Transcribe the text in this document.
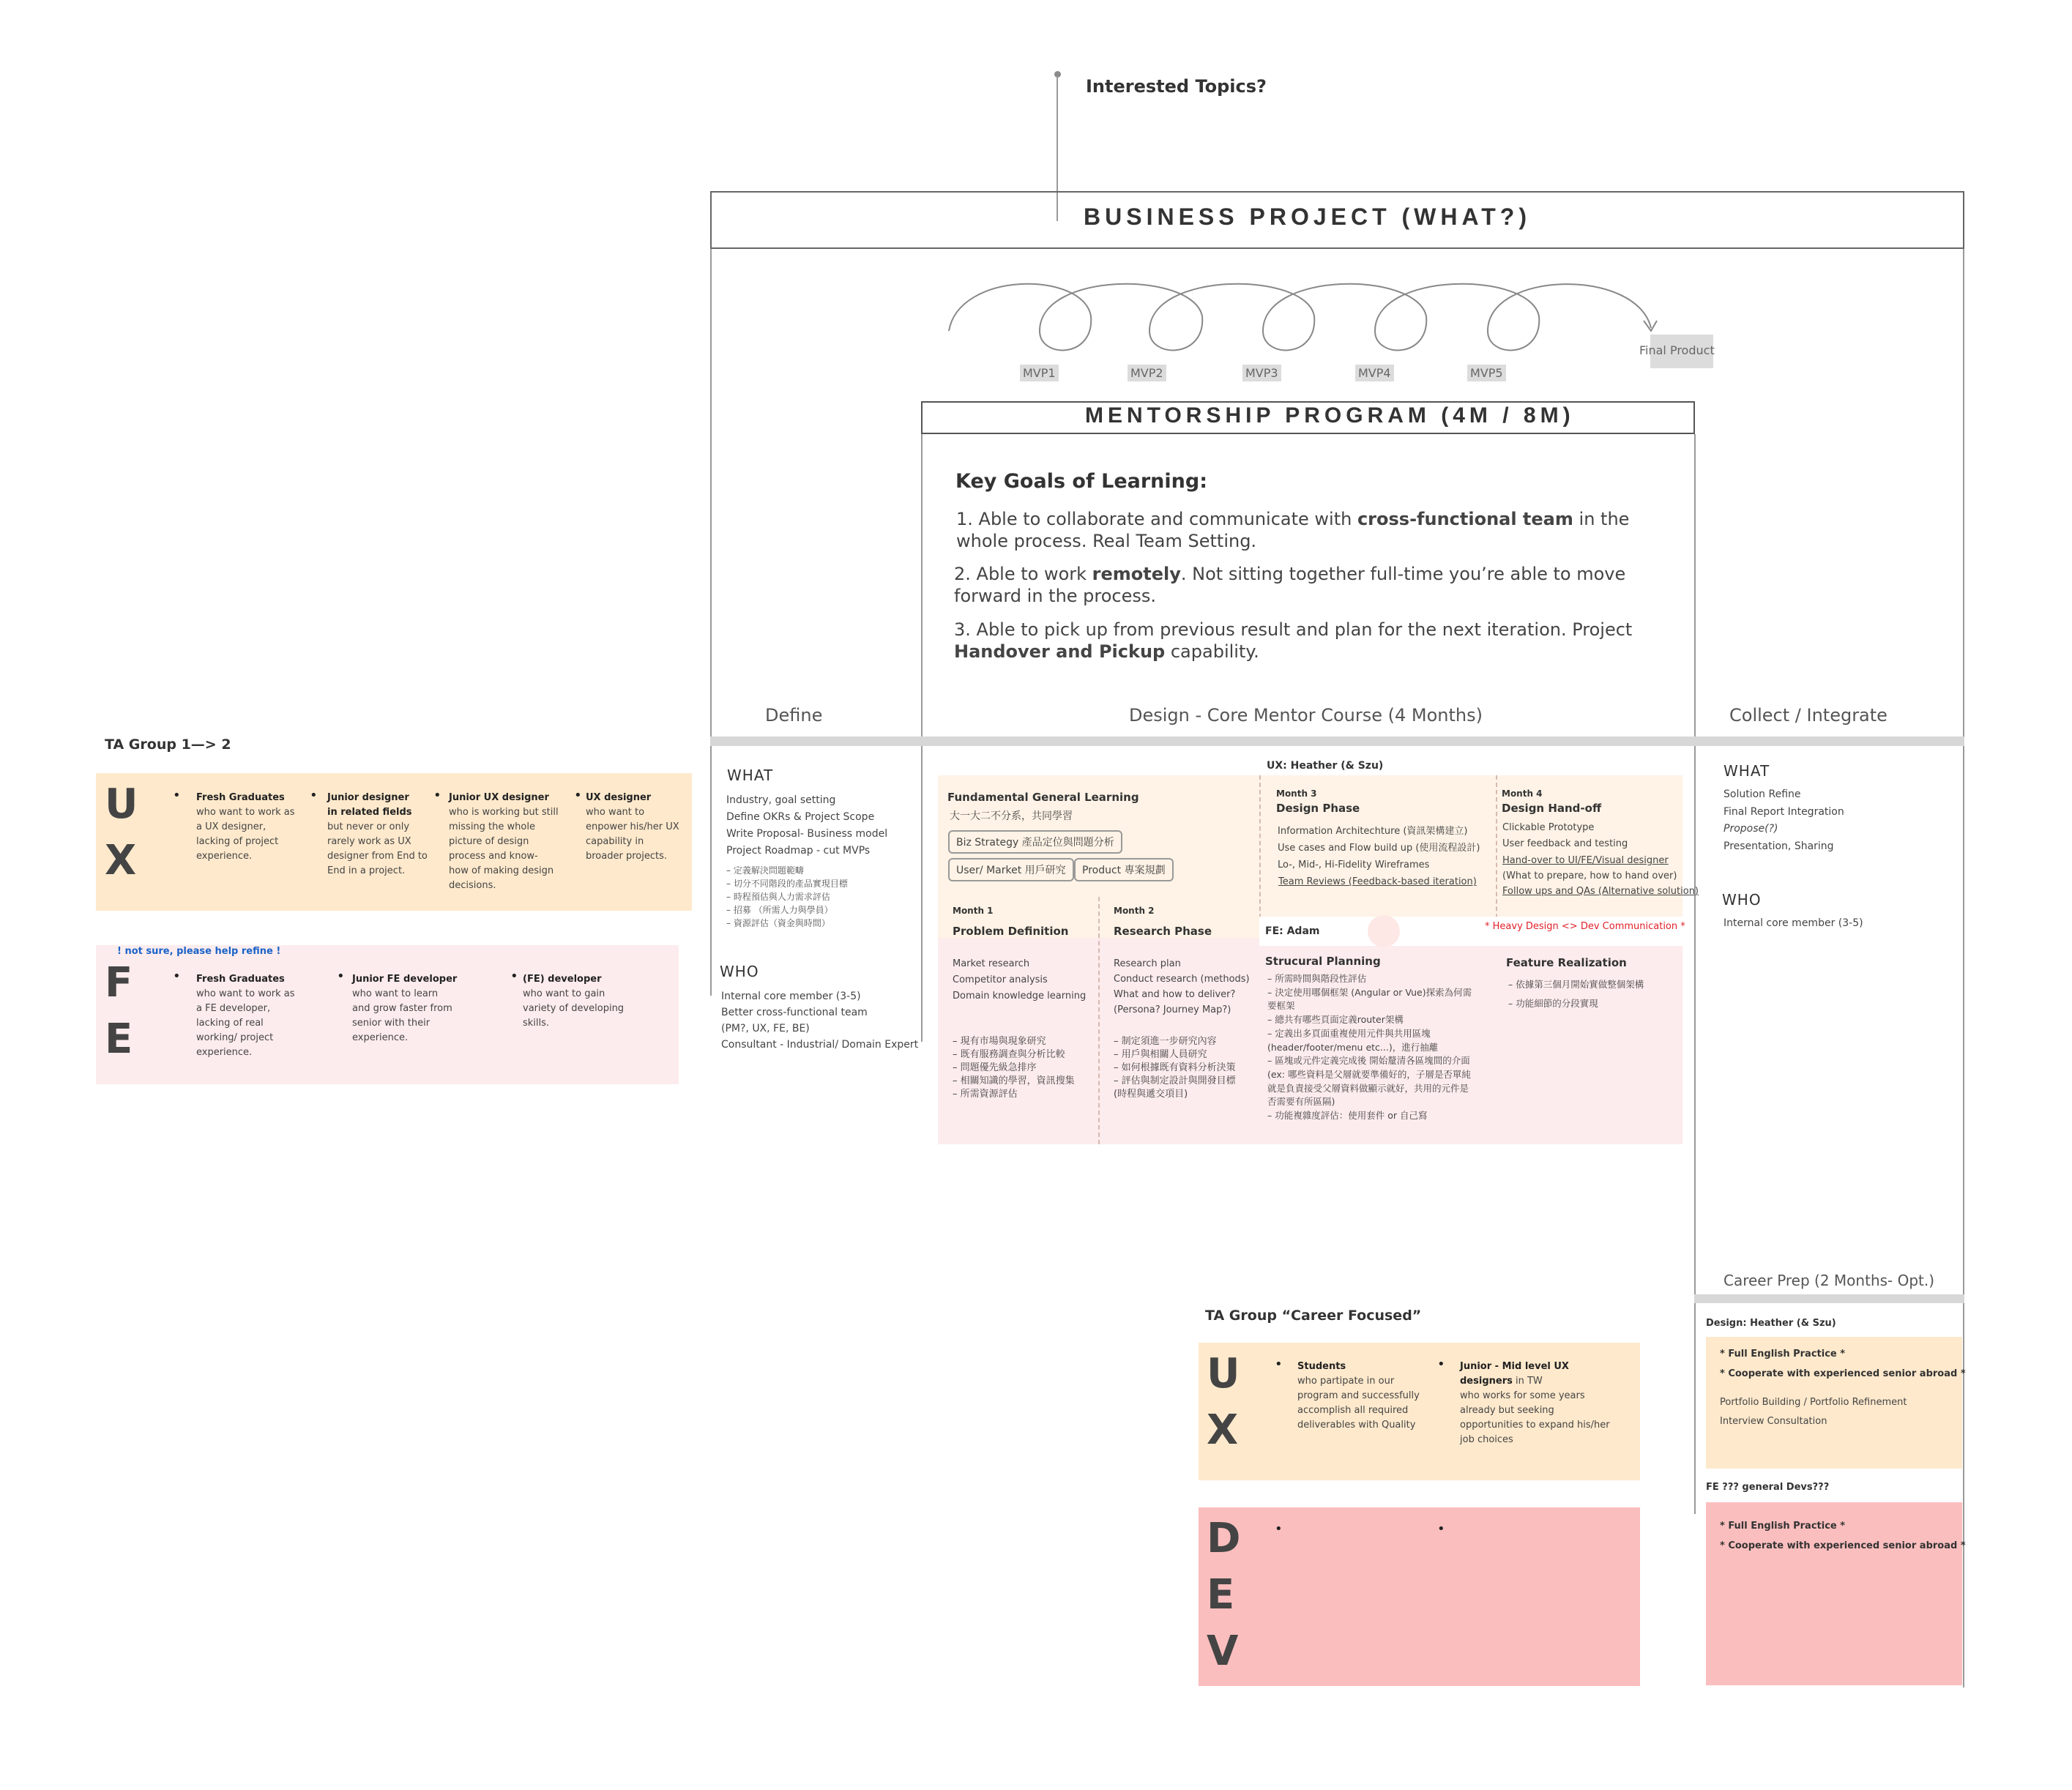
Interested Topics?
BUSINESS PROJECT (WHAT?)
MVP1	MVP2	MVP3	MVP4	MVP5
Final Product
MENTORSHIP PROGRAM (4M / 8M)
Key Goals of Learning:
1. Able to collaborate and communicate with cross-functional team in the
whole process. Real Team Setting.
2. Able to work remotely. Not sitting together full-time you’re able to move
forward in the process.
3. Able to pick up from previous result and plan for the next iteration. Project
Handover and Pickup capability.
Define	Design - Core Mentor Course (4 Months)	Collect / Integrate
WHAT
Industry, goal setting
Define OKRs & Project Scope
Write Proposal- Business model
Project Roadmap - cut MVPs
– 定義解決問題範疇
– 切分不同階段的產品實現目標
– 時程預估與人力需求評估
– 招募 （所需人力與學員）
– 資源評估（資金與時間）
WHO
Internal core member (3-5)
Better cross-functional team
(PM?, UX, FE, BE)
Consultant - Industrial/ Domain Expert
UX: Heather (& Szu)
Fundamental General Learning
大一大二不分系，共同學習
Biz Strategy 產品定位與問題分析
User/ Market 用戶研究	Product 專案規劃
Month 3
Design Phase
Information Architechture (資訊架構建立)
Use cases and Flow build up (使用流程設計)
Lo-, Mid-, Hi-Fidelity Wireframes
Team Reviews (Feedback-based iteration)
Month 4
Design Hand-off
Clickable Prototype
User feedback and testing
Hand-over to UI/FE/Visual designer
(What to prepare, how to hand over)
Follow ups and QAs (Alternative solution)
Month 1
Problem Definition
Market research
Competitor analysis
Domain knowledge learning
– 現有市場與現象研究
– 既有服務調查與分析比較
– 問題優先級急排序
– 相關知識的學習，資訊搜集
– 所需資源評估
Month 2
Research Phase
Research plan
Conduct research (methods)
What and how to deliver?
(Persona? Journey Map?)
– 制定須進一步研究內容
– 用戶與相關人員研究
– 如何根據既有資料分析決策
– 評估與制定設計與開發目標
(時程與遞交項目)
FE: Adam	* Heavy Design <> Dev Communication *
Strucural Planning
– 所需時間與階段性評估
– 決定使用哪個框架 (Angular or Vue)探索為何需
要框架
– 總共有哪些頁面定義router架構
– 定義出多頁面重複使用元件與共用區塊
(header/footer/menu etc...)，進行抽離
– 區塊或元件定義完成後 開始釐清各區塊間的介面
(ex: 哪些資料是父層就要準備好的，子層是否單純
就是負責接受父層資料做顯示就好，共用的元件是
否需要有所區隔)
– 功能複雜度評估：使用套件 or 自己寫
Feature Realization
– 依據第三個月開始實做整個架構
– 功能細節的分段實現
WHAT
Solution Refine
Final Report Integration
Propose(?)
Presentation, Sharing
WHO
Internal core member (3-5)
Career Prep (2 Months- Opt.)
Design: Heather (& Szu)
* Full English Practice *
* Cooperate with experienced senior abroad *
Portfolio Building / Portfolio Refinement
Interview Consultation
FE ??? general Devs???
* Full English Practice *
* Cooperate with experienced senior abroad *
TA Group 1—> 2
U
X
• Fresh Graduates
who want to work as
a UX designer,
lacking of project
experience.
• Junior designer
in related fields
but never or only
rarely work as UX
designer from End to
End in a project.
• Junior UX designer
who is working but still
missing the whole
picture of design
process and know-
how of making design
decisions.
• UX designer
who want to
enpower his/her UX
capability in
broader projects.
! not sure, please help refine !
F
E
• Fresh Graduates
who want to work as
a FE developer,
lacking of real
working/ project
experience.
• Junior FE developer
who want to learn
and grow faster from
senior with their
experience.
• (FE) developer
who want to gain
variety of developing
skills.
TA Group “Career Focused”
U
X
• Students
who partipate in our
program and successfully
accomplish all required
deliverables with Quality
• Junior - Mid level UX
designers in TW
who works for some years
already but seeking
opportunities to expand his/her
job choices
D
E
V
•	•
